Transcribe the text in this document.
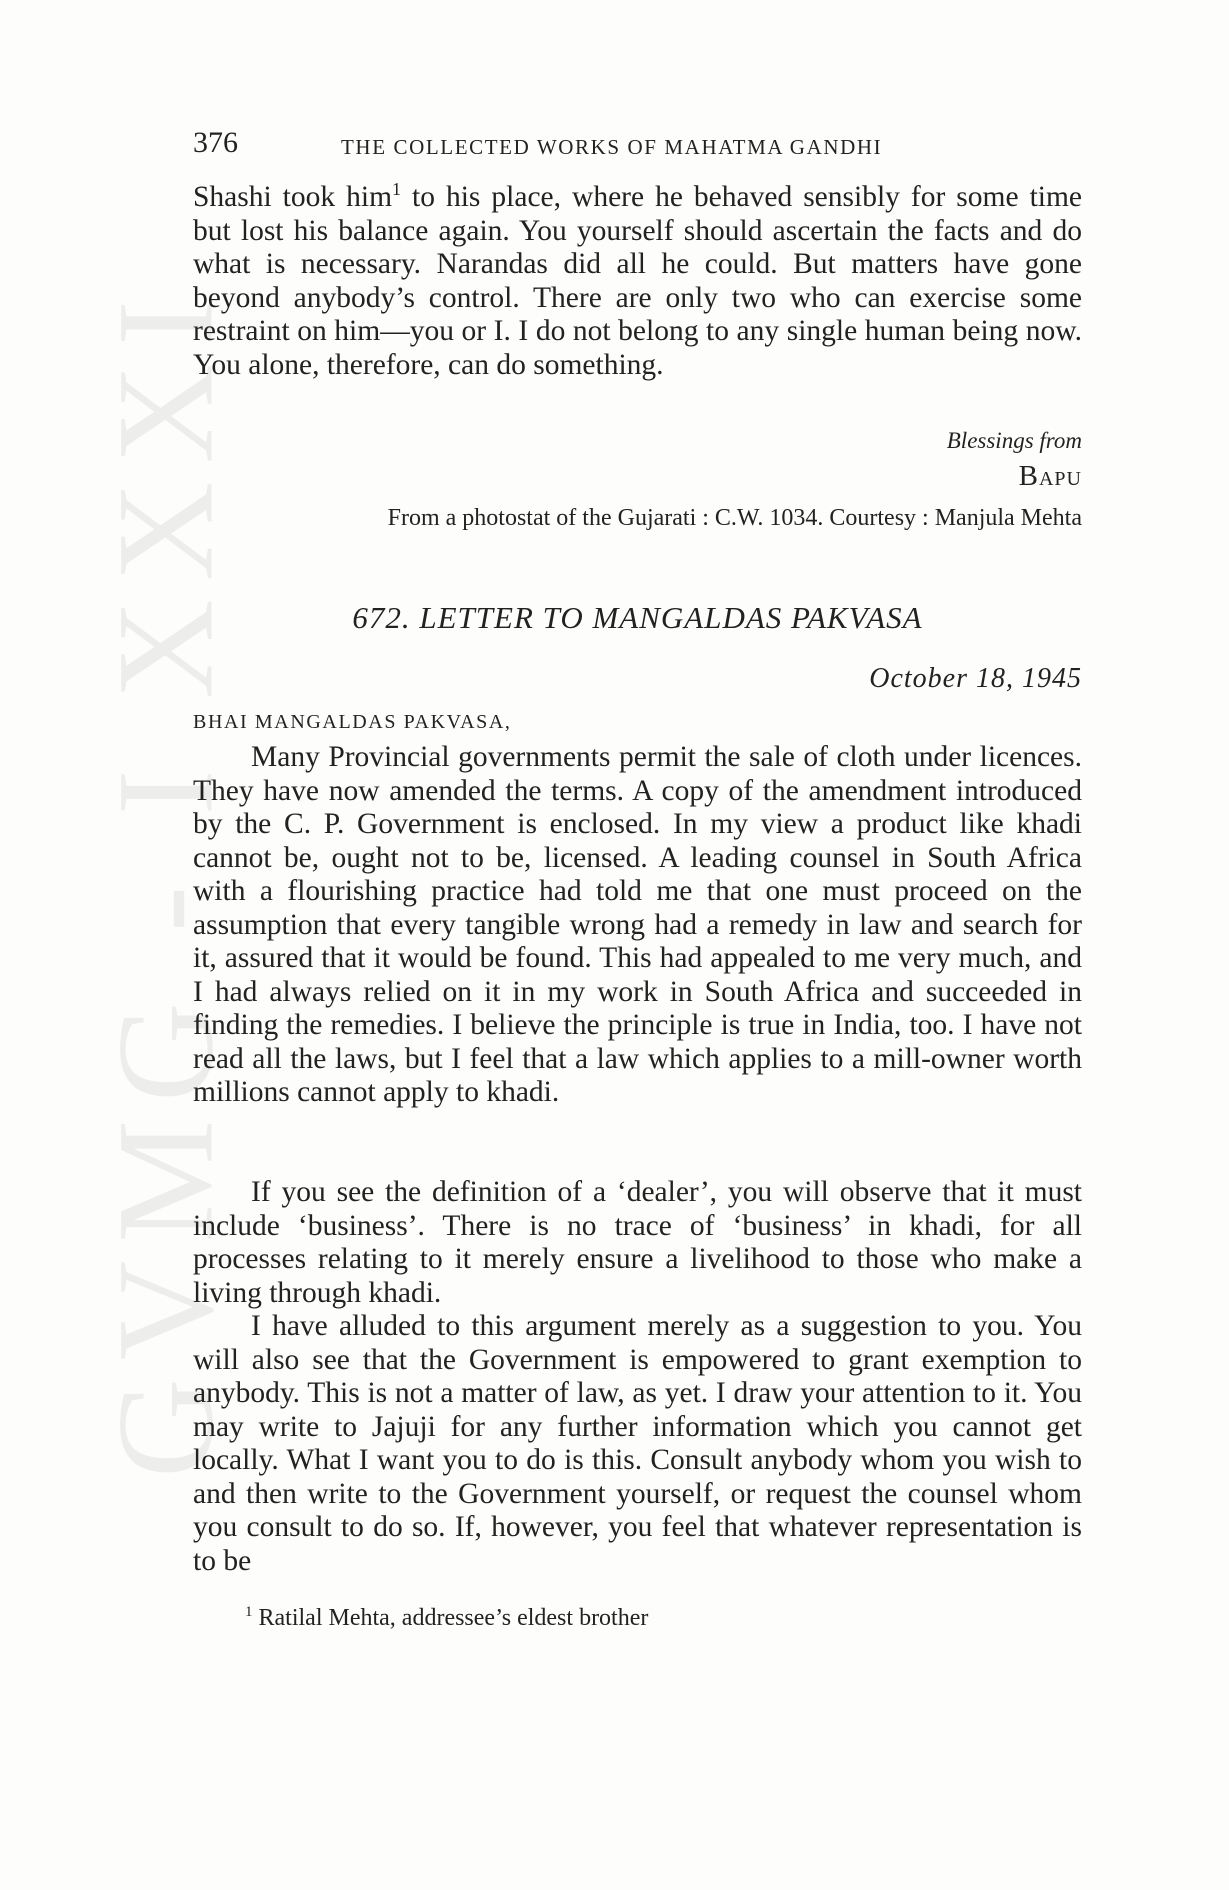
GVMG - I XXXI
376	THE COLLECTED WORKS OF MAHATMA GANDHI

Shashi took him$^1$ to his place, where he behaved sensibly for some time but lost his balance again. You yourself should ascertain the facts and do what is necessary. Narandas did all he could. But matters have gone beyond anybody’s control. There are only two who can exercise some restraint on him—you or I. I do not belong to any single human being now. You alone, therefore, can do something.

Blessings from
Bapu
From a photostat of the Gujarati : C.W. 1034. Courtesy : Manjula Mehta
672. LETTER TO MANGALDAS PAKVASA
October 18, 1945
BHAI MANGALDAS PAKVASA,

Many Provincial governments permit the sale of cloth under licences. They have now amended the terms. A copy of the amendment introduced by the C. P. Government is enclosed. In my view a product like khadi cannot be, ought not to be, licensed. A leading counsel in South Africa with a flourishing practice had told me that one must proceed on the assumption that every tangible wrong had a remedy in law and search for it, assured that it would be found. This had appealed to me very much, and I had always relied on it in my work in South Africa and succeeded in finding the remedies. I believe the principle is true in India, too. I have not read all the laws, but I feel that a law which applies to a mill-owner worth millions cannot apply to khadi.

If you see the definition of a ‘dealer’, you will observe that it must include ‘business’. There is no trace of ‘business’ in khadi, for all processes relating to it merely ensure a livelihood to those who make a living through khadi.

I have alluded to this argument merely as a suggestion to you. You will also see that the Government is empowered to grant exemption to anybody. This is not a matter of law, as yet. I draw your attention to it. You may write to Jajuji for any further information which you cannot get locally. What I want you to do is this. Consult anybody whom you wish to and then write to the Government yourself, or request the counsel whom you consult to do so. If, however, you feel that whatever representation is to be

$^1$ Ratilal Mehta, addressee’s eldest brother
